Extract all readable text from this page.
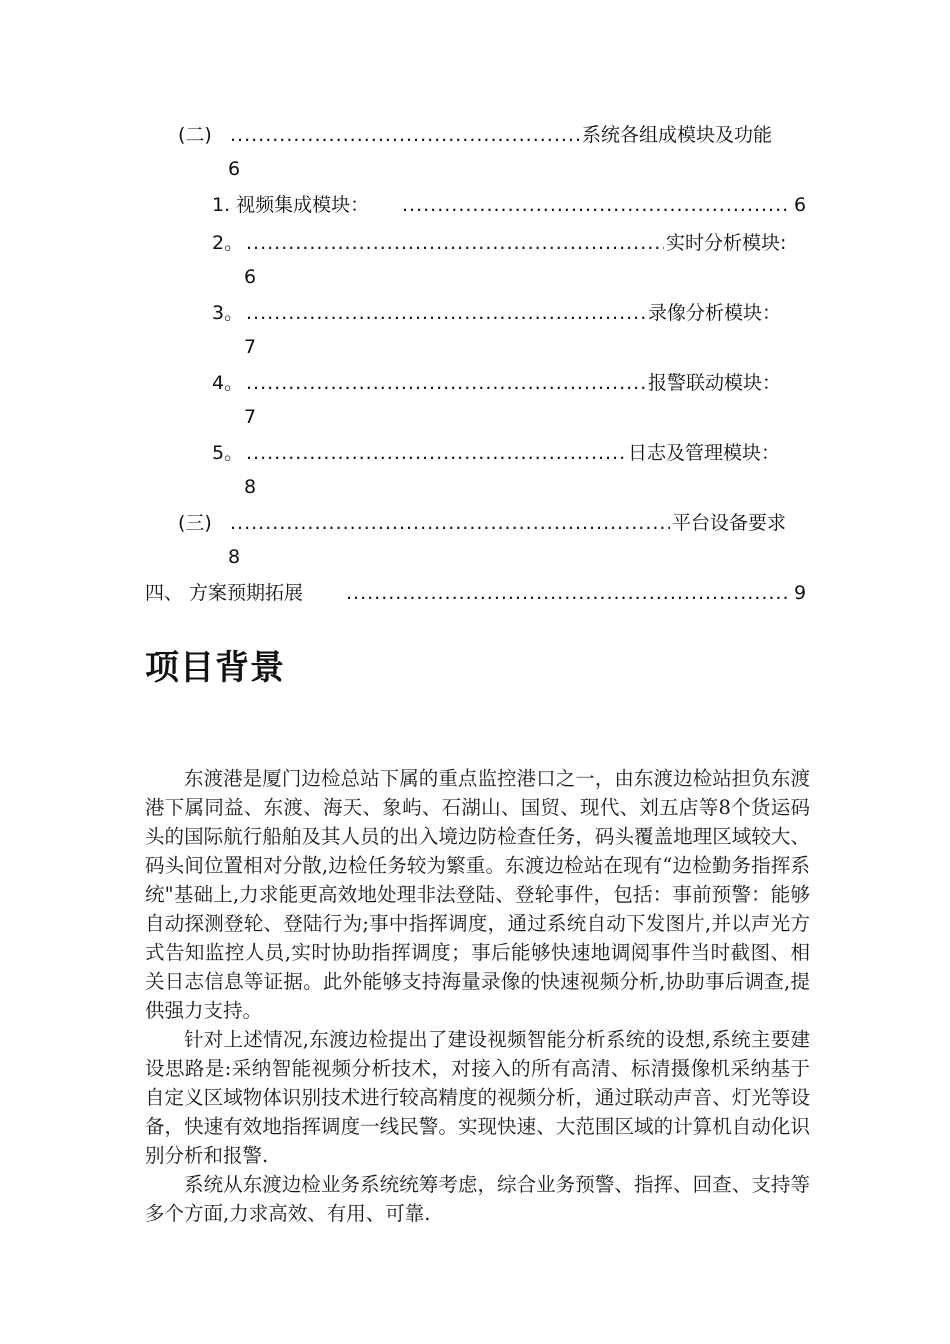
(二) .....	系统各组成模块及功能
6
1. 视频集成模块： .....	6
2。 .....	实时分析模块:
6
3。 .....	录像分析模块：
7
4。 .....	报警联动模块：
7
5。 .....	日志及管理模块：
8
(三) .....	平台设备要求
8
四、 方案预期拓展 .....	9
项目背景

东渡港是厦门边检总站下属的重点监控港口之一，由东渡边检站担负东渡港下属同益、东渡、海天、象屿、石湖山、国贸、现代、刘五店等8个货运码头的国际航行船舶及其人员的出入境边防检查任务，码头覆盖地理区域较大、码头间位置相对分散,边检任务较为繁重。东渡边检站在现有“边检勤务指挥系统"基础上,力求能更高效地处理非法登陆、登轮事件，包括：事前预警：能够自动探测登轮、登陆行为;事中指挥调度，通过系统自动下发图片,并以声光方式告知监控人员,实时协助指挥调度；事后能够快速地调阅事件当时截图、相关日志信息等证据。此外能够支持海量录像的快速视频分析,协助事后调查,提供强力支持。

针对上述情况,东渡边检提出了建设视频智能分析系统的设想,系统主要建设思路是:采纳智能视频分析技术，对接入的所有高清、标清摄像机采纳基于自定义区域物体识别技术进行较高精度的视频分析，通过联动声音、灯光等设备，快速有效地指挥调度一线民警。实现快速、大范围区域的计算机自动化识别分析和报警.

系统从东渡边检业务系统统筹考虑，综合业务预警、指挥、回查、支持等多个方面,力求高效、有用、可靠.
